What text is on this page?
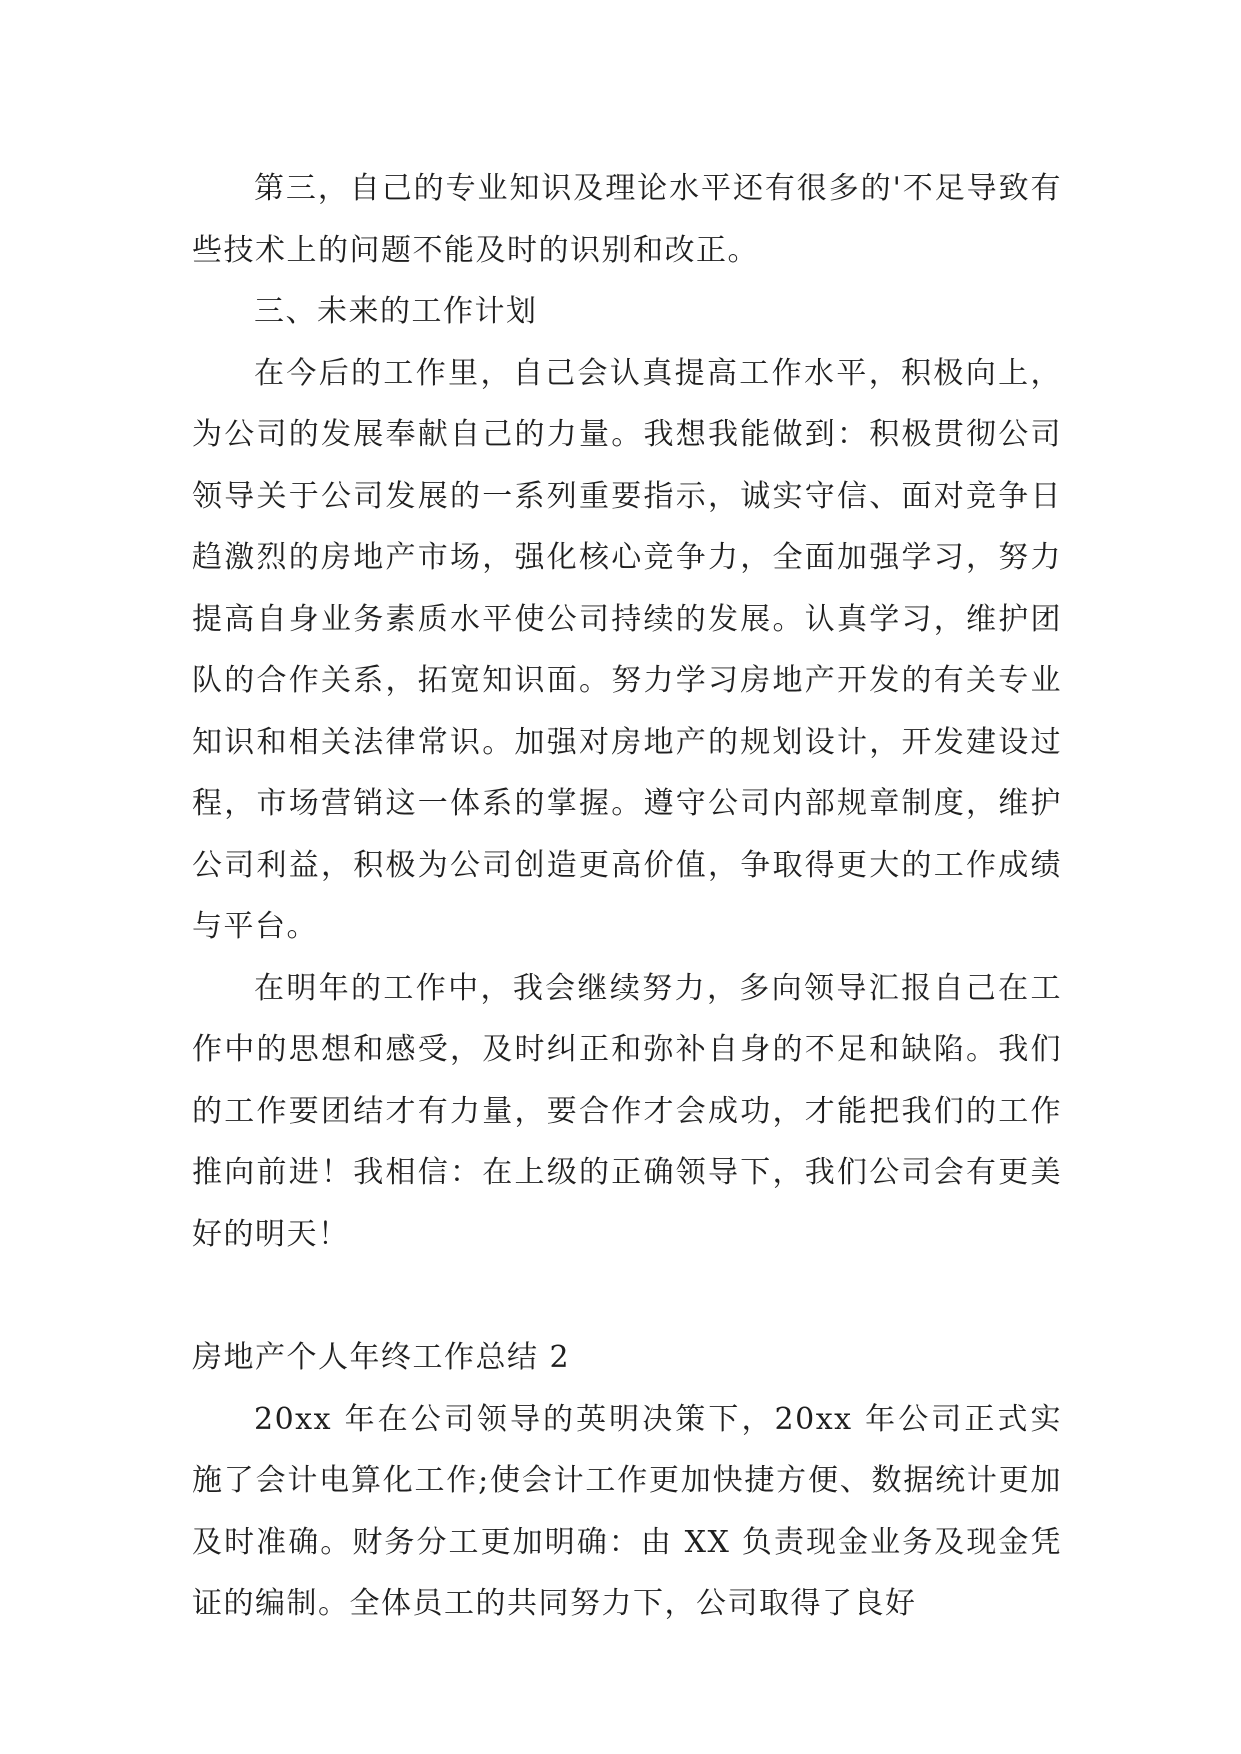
第三，自己的专业知识及理论水平还有很多的'不足导致有些技术上的问题不能及时的识别和改正。

三、未来的工作计划

在今后的工作里，自己会认真提高工作水平，积极向上，为公司的发展奉献自己的力量。我想我能做到：积极贯彻公司领导关于公司发展的一系列重要指示，诚实守信、面对竞争日趋激烈的房地产市场，强化核心竞争力，全面加强学习，努力提高自身业务素质水平使公司持续的发展。认真学习，维护团队的合作关系，拓宽知识面。努力学习房地产开发的有关专业知识和相关法律常识。加强对房地产的规划设计，开发建设过程，市场营销这一体系的掌握。遵守公司内部规章制度，维护公司利益，积极为公司创造更高价值，争取得更大的工作成绩与平台。

在明年的工作中，我会继续努力，多向领导汇报自己在工作中的思想和感受，及时纠正和弥补自身的不足和缺陷。我们的工作要团结才有力量，要合作才会成功，才能把我们的工作推向前进！我相信：在上级的正确领导下，我们公司会有更美好的明天！

房地产个人年终工作总结 2

20xx 年在公司领导的英明决策下，20xx 年公司正式实施了会计电算化工作;使会计工作更加快捷方便、数据统计更加及时准确。财务分工更加明确：由 XX 负责现金业务及现金凭证的编制。全体员工的共同努力下，公司取得了良好
